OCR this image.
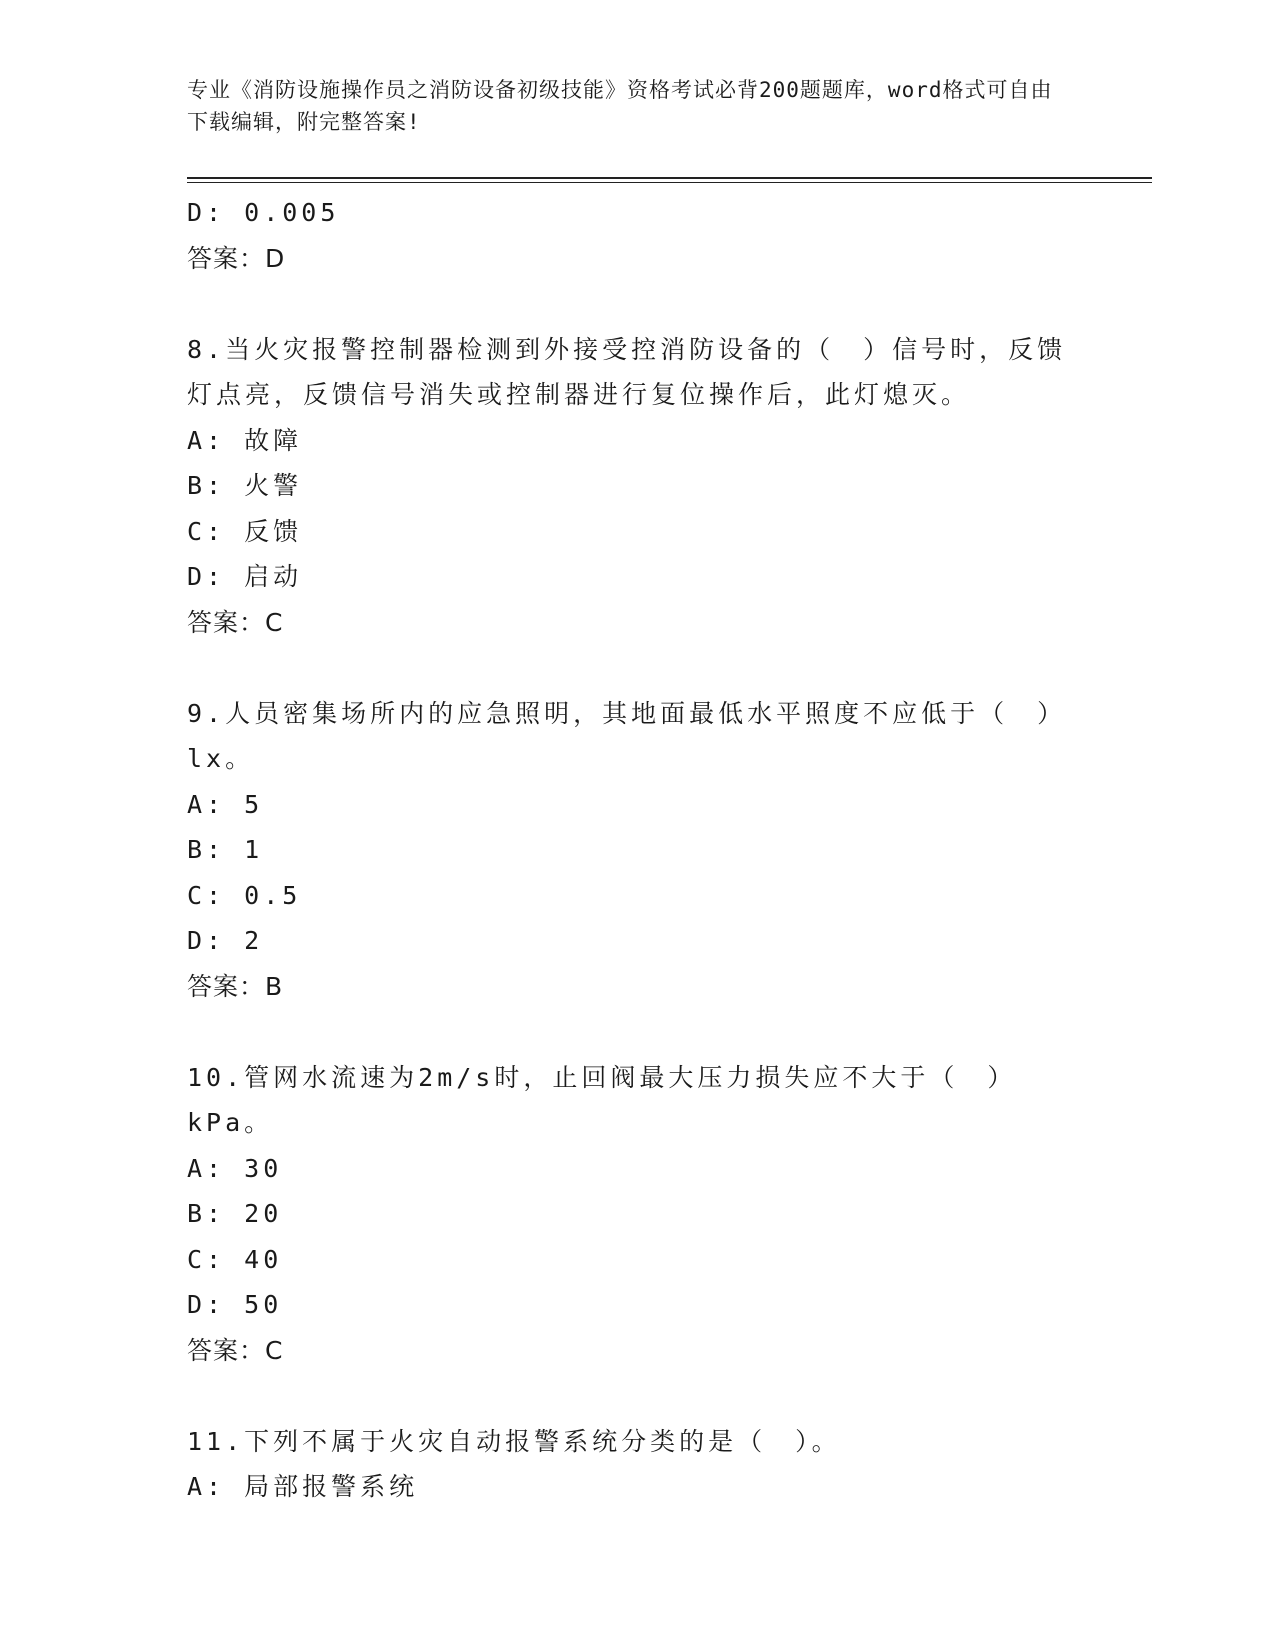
专业《消防设施操作员之消防设备初级技能》资格考试必背200题题库，word格式可自由下载编辑，附完整答案!
D: 0.005
答案：D
8.当火灾报警控制器检测到外接受控消防设备的（　）信号时，反馈灯点亮，反馈信号消失或控制器进行复位操作后，此灯熄灭。
A: 故障
B: 火警
C: 反馈
D: 启动
答案：C
9.人员密集场所内的应急照明，其地面最低水平照度不应低于（　）lx。
A: 5
B: 1
C: 0.5
D: 2
答案：B
10.管网水流速为2m/s时，止回阀最大压力损失应不大于（　）kPa。
A: 30
B: 20
C: 40
D: 50
答案：C
11.下列不属于火灾自动报警系统分类的是（　）。
A: 局部报警系统
